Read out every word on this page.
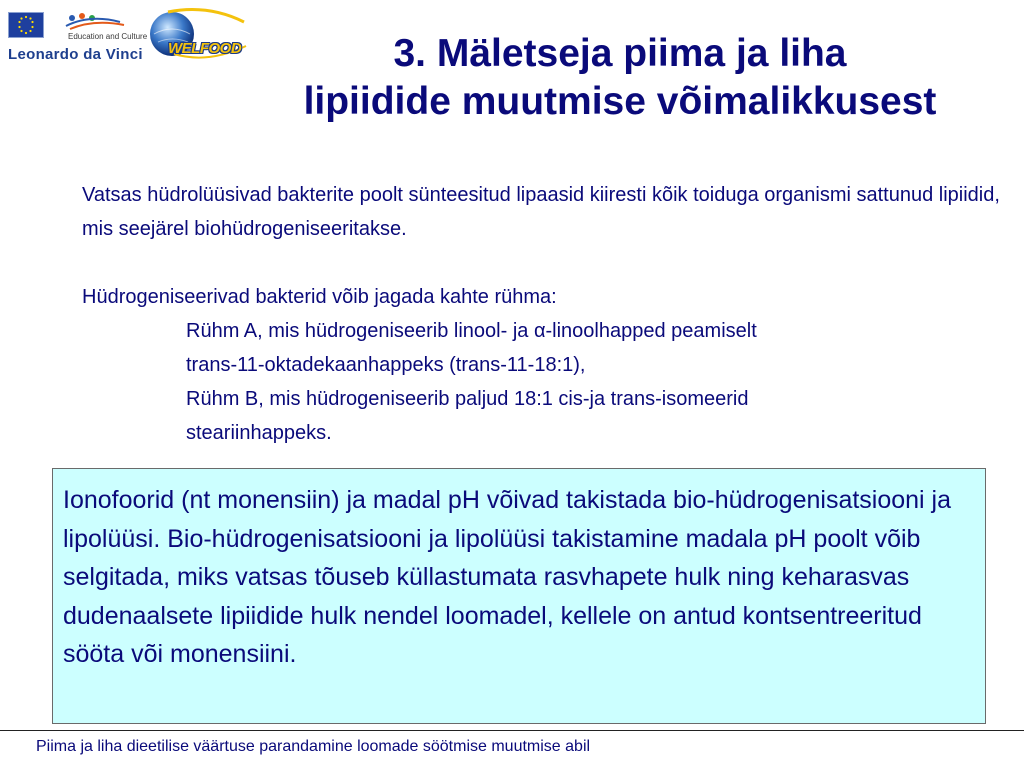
Education and Culture
Leonardo da Vinci WELFOOD	3. Mäletseja piima ja liha
lipiidide muutmise võimalikkusest

Vatsas hüdrolüüsivad bakterite poolt sünteesitud lipaasid kiiresti kõik toiduga organismi sattunud lipiidid, mis seejärel biohüdrogeniseeritakse.

Hüdrogeniseerivad bakterid võib jagada kahte rühma:

Rühm A, mis hüdrogeniseerib linool- ja α-linoolhapped peamiselt

trans-11-oktadekaanhappeks (trans-11-18:1),

Rühm B, mis hüdrogeniseerib paljud 18:1 cis-ja trans-isomeerid

steariinhappeks.

Ionofoorid (nt monensiin) ja madal pH võivad takistada bio-hüdrogenisatsiooni ja lipolüüsi. Bio-hüdrogenisatsiooni ja lipolüüsi takistamine madala pH poolt võib selgitada, miks vatsas tõuseb küllastumata rasvhapete hulk ning keharasvas dudenaalsete lipiidide hulk nendel loomadel, kellele on antud kontsentreeritud sööta või monensiini.
Piima ja liha dieetilise väärtuse parandamine loomade söötmise muutmise abil
